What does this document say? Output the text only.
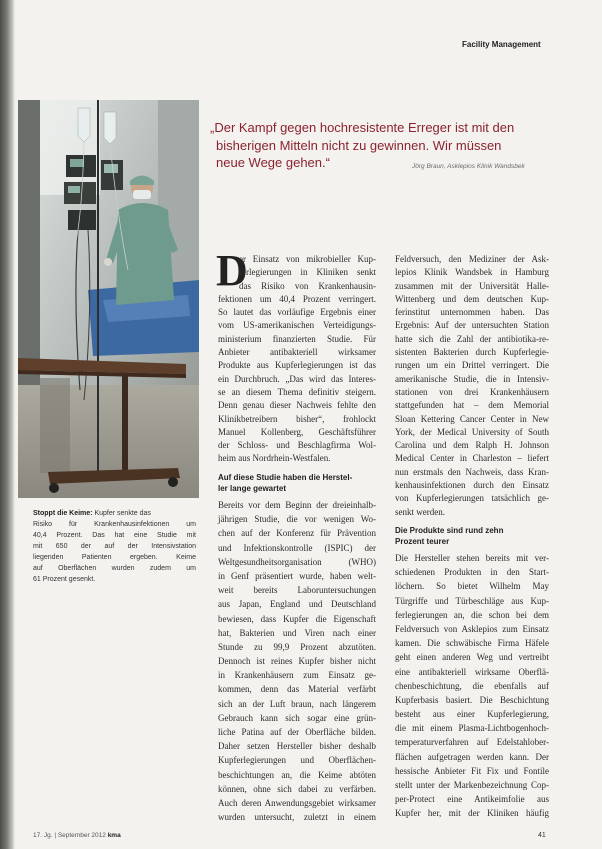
Facility Management
„Der Kampf gegen hochresistente Erreger ist mit den
bisherigen Mitteln nicht zu gewinnen. Wir müssen
neue Wege gehen.“	Jörg Braun, Asklepios Klinik Wandsbek
Stoppt die Keime: Kupfer senkte das
Risiko für Krankenhausinfektionen um
40,4 Prozent. Das hat eine Studie mit
mit 650 der auf der Intensivstation
liegenden Patienten ergeben. Keime
auf Oberflächen wurden zudem um
61 Prozent gesenkt.
D
er Einsatz von mikrobieller Kup-
ferlegierungen in Kliniken senkt
das Risiko von Krankenhausin-
fektionen um 40,4 Prozent verringert.
So lautet das vorläufige Ergebnis einer
vom US-amerikanischen Verteidigungs-
ministerium finanzierten Studie. Für
Anbieter antibakteriell wirksamer
Produkte aus Kupferlegierungen ist das
ein Durchbruch. „Das wird das Interes-
se an diesem Thema definitiv steigern.
Denn genau dieser Nachweis fehlte den
Klinikbetreibern bisher“, frohlockt
Manuel Kollenberg, Geschäftsführer
der Schloss- und Beschlagfirma Wol-
heim aus Nordrhein-Westfalen.
Auf diese Studie haben die Herstel-
ler lange gewartet
Bereits vor dem Beginn der dreieinhalb-
jährigen Studie, die vor wenigen Wo-
chen auf der Konferenz für Prävention
und Infektionskontrolle (ISPIC) der
Weltgesundheitsorganisation (WHO)
in Genf präsentiert wurde, haben welt-
weit bereits Laboruntersuchungen
aus Japan, England und Deutschland
bewiesen, dass Kupfer die Eigenschaft
hat, Bakterien und Viren nach einer
Stunde zu 99,9 Prozent abzutöten.
Dennoch ist reines Kupfer bisher nicht
in Krankenhäusern zum Einsatz ge-
kommen, denn das Material verfärbt
sich an der Luft braun, nach längerem
Gebrauch kann sich sogar eine grün-
liche Patina auf der Oberfläche bilden.
Daher setzen Hersteller bisher deshalb
Kupferlegierungen und Oberflächen-
beschichtungen an, die Keime abtöten
können, ohne sich dabei zu verfärben.
Auch deren Anwendungsgebiet wirksamer
wurden untersucht, zuletzt in einem
Feldversuch, den Mediziner der Ask-
lepios Klinik Wandsbek in Hamburg
zusammen mit der Universität Halle-
Wittenberg und dem deutschen Kup-
ferinstitut unternommen haben. Das
Ergebnis: Auf der untersuchten Station
hatte sich die Zahl der antibiotika-re-
sistenten Bakterien durch Kupferlegie-
rungen um ein Drittel verringert. Die
amerikanische Studie, die in Intensiv-
stationen von drei Krankenhäusern
stattgefunden hat – dem Memorial
Sloan Kettering Cancer Center in New
York, der Medical University of South
Carolina und dem Ralph H. Johnson
Medical Center in Charleston – liefert
nun erstmals den Nachweis, dass Kran-
kenhausinfektionen durch den Einsatz
von Kupferlegierungen tatsächlich ge-
senkt werden.
Die Produkte sind rund zehn
Prozent teurer
Die Hersteller stehen bereits mit ver-
schiedenen Produkten in den Start-
löchern. So bietet Wilhelm May
Türgriffe und Türbeschläge aus Kup-
ferlegierungen an, die schon bei dem
Feldversuch von Asklepios zum Einsatz
kamen. Die schwäbische Firma Häfele
geht einen anderen Weg und vertreibt
eine antibakteriell wirksame Oberflä-
chenbeschichtung, die ebenfalls auf
Kupferbasis basiert. Die Beschichtung
besteht aus einer Kupferlegierung,
die mit einem Plasma-Lichtbogenhoch-
temperaturverfahren auf Edelstahlober-
flächen aufgetragen werden kann. Der
hessische Anbieter Fit Fix und Fontile
stellt unter der Markenbezeichnung Cop-
per-Protect eine Antikeimfolie aus
Kupfer her, mit der Kliniken häufig
17. Jg. | September 2012 kma	41
